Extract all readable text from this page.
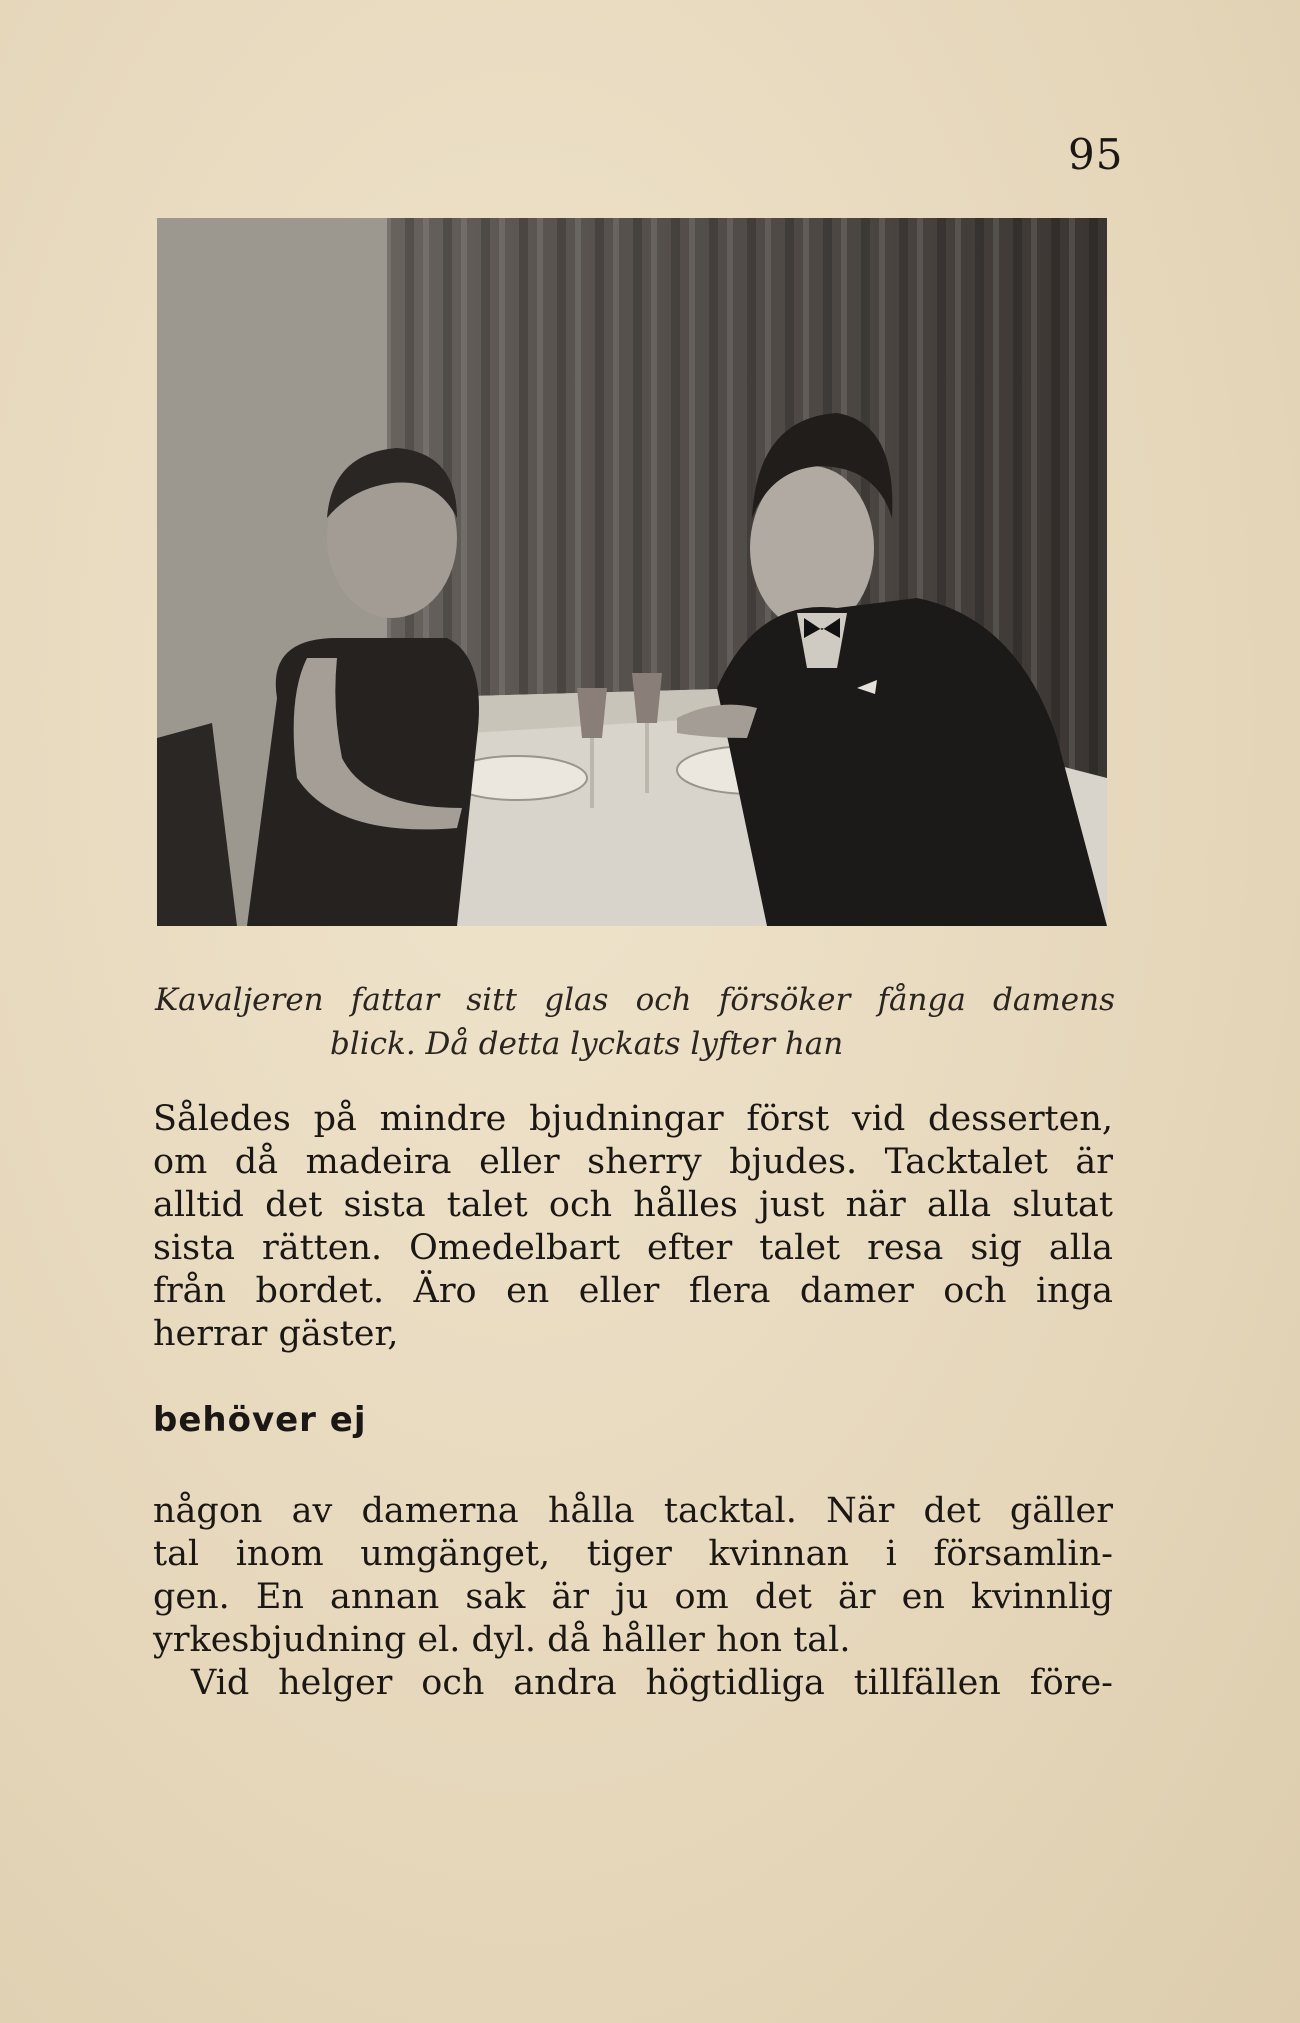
95
Kavaljeren fattar sitt glas och försöker fånga damens
blick. Då detta lyckats lyfter han
Således på mindre bjudningar först vid desserten,
om då madeira eller sherry bjudes. Tacktalet är
alltid det sista talet och hålles just när alla slutat
sista rätten. Omedelbart efter talet resa sig alla
från bordet. Äro en eller flera damer och inga
herrar gäster,
behöver ej
någon av damerna hålla tacktal. När det gäller
tal inom umgänget, tiger kvinnan i församlin-
gen. En annan sak är ju om det är en kvinnlig
yrkesbjudning el. dyl. då håller hon tal.
Vid helger och andra högtidliga tillfällen före-
